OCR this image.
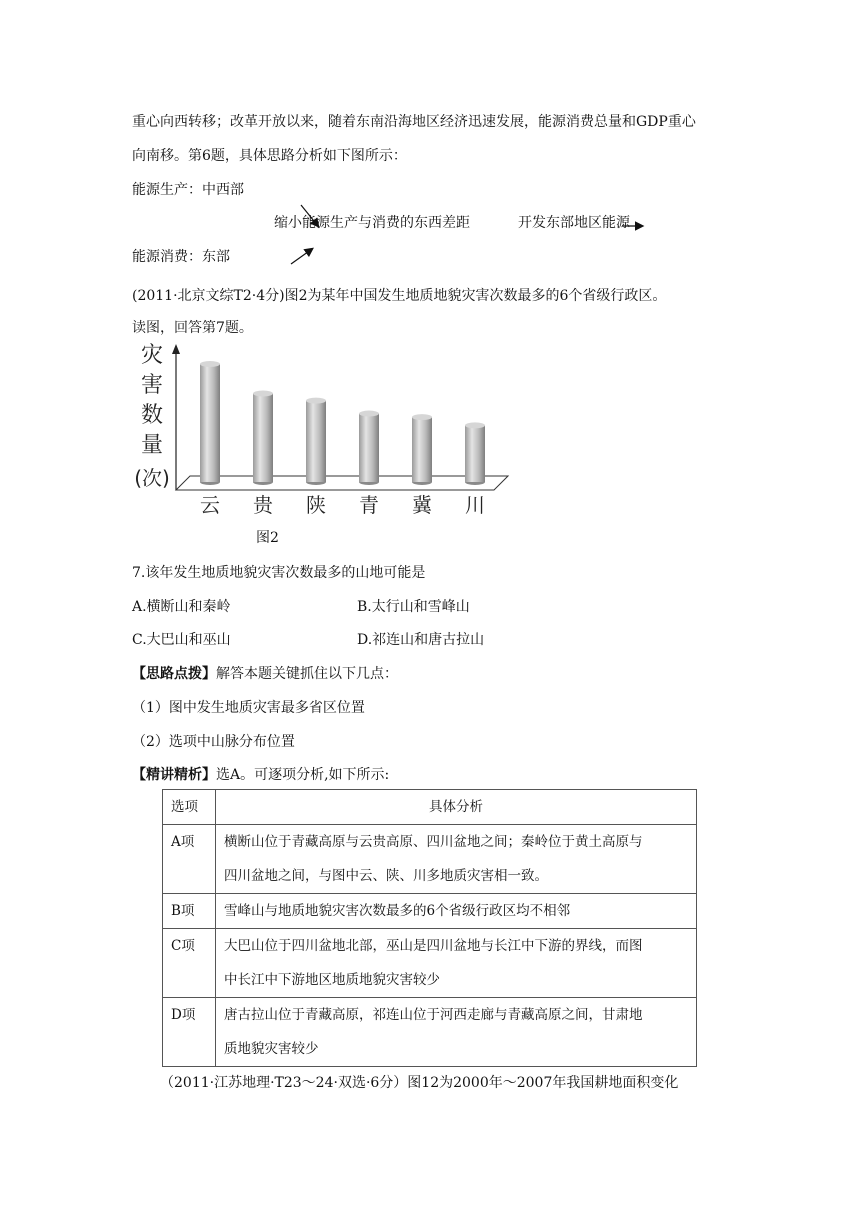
重心向西转移；改革开放以来，随着东南沿海地区经济迅速发展，能源消费总量和GDP重心
向南移。第6题，具体思路分析如下图所示：
能源生产：中西部
缩小能源生产与消费的东西差距	开发东部地区能源
能源消费：东部
(2011·北京文综T2·4分)图2为某年中国发生地质地貌灾害次数最多的6个省级行政区。
读图，回答第7题。
灾
害
数
量
(次)
云 贵 陕 青 冀 川
图2
7.该年发生地质地貌灾害次数最多的山地可能是
A.横断山和秦岭	B.太行山和雪峰山
C.大巴山和巫山	D.祁连山和唐古拉山
【思路点拨】解答本题关键抓住以下几点：
（1）图中发生地质灾害最多省区位置
（2）选项中山脉分布位置
【精讲精析】选A。可逐项分析,如下所示:
选项	具体分析
A项	横断山位于青藏高原与云贵高原、四川盆地之间；秦岭位于黄土高原与
四川盆地之间，与图中云、陕、川多地质灾害相一致。

B项	雪峰山与地质地貌灾害次数最多的6个省级行政区均不相邻

C项	大巴山位于四川盆地北部，巫山是四川盆地与长江中下游的界线，而图
中长江中下游地区地质地貌灾害较少

D项	唐古拉山位于青藏高原，祁连山位于河西走廊与青藏高原之间，甘肃地
质地貌灾害较少
（2011·江苏地理·T23～24·双选·6分）图12为2000年～2007年我国耕地面积变化
